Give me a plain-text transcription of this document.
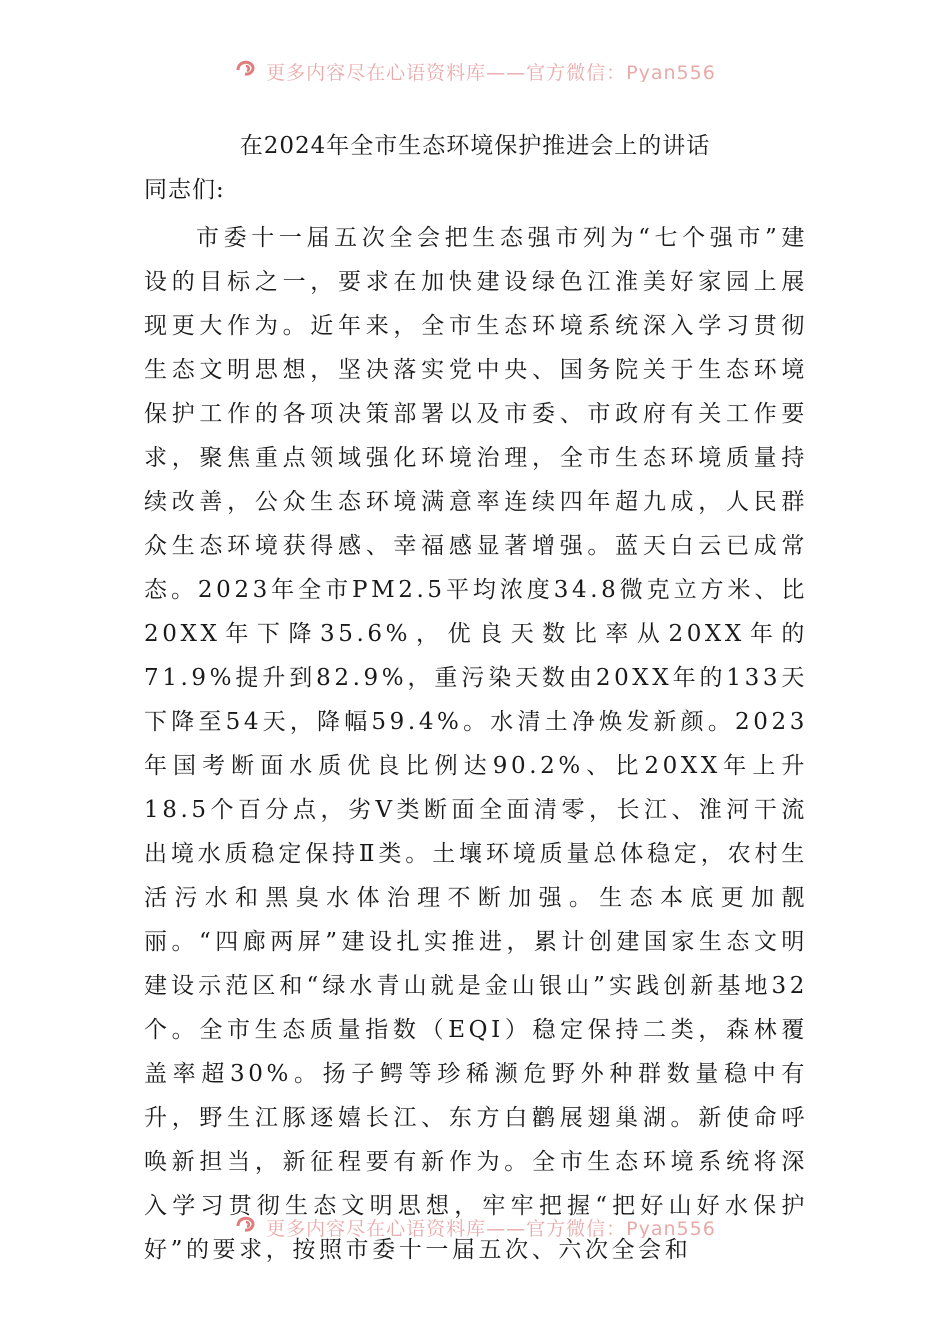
更多内容尽在心语资料库——官方微信：Pyan556
在2024年全市生态环境保护推进会上的讲话

同志们:

市委十一届五次全会把生态强市列为“七个强市”建设的目标之一，要求在加快建设绿色江淮美好家园上展现更大作为。近年来，全市生态环境系统深入学习贯彻生态文明思想，坚决落实党中央、国务院关于生态环境保护工作的各项决策部署以及市委、市政府有关工作要求，聚焦重点领域强化环境治理，全市生态环境质量持续改善，公众生态环境满意率连续四年超九成，人民群众生态环境获得感、幸福感显著增强。蓝天白云已成常态。2023年全市PM2.5平均浓度34.8微克立方米、比20XX年下降35.6%，优良天数比率从20XX年的71.9%提升到82.9%，重污染天数由20XX年的133天下降至54天，降幅59.4%。水清土净焕发新颜。2023年国考断面水质优良比例达90.2%、比20XX年上升18.5个百分点，劣Ⅴ类断面全面清零，长江、淮河干流出境水质稳定保持Ⅱ类。土壤环境质量总体稳定，农村生活污水和黑臭水体治理不断加强。生态本底更加靓丽。“四廊两屏”建设扎实推进，累计创建国家生态文明建设示范区和“绿水青山就是金山银山”实践创新基地32个。全市生态质量指数（EQI）稳定保持二类，森林覆盖率超30%。扬子鳄等珍稀濒危野外种群数量稳中有升，野生江豚逐嬉长江、东方白鹳展翅巢湖。新使命呼唤新担当，新征程要有新作为。全市生态环境系统将深入学习贯彻生态文明思想，牢牢把握“把好山好水保护好”的要求，按照市委十一届五次、六次全会和

更多内容尽在心语资料库——官方微信：Pyan556
